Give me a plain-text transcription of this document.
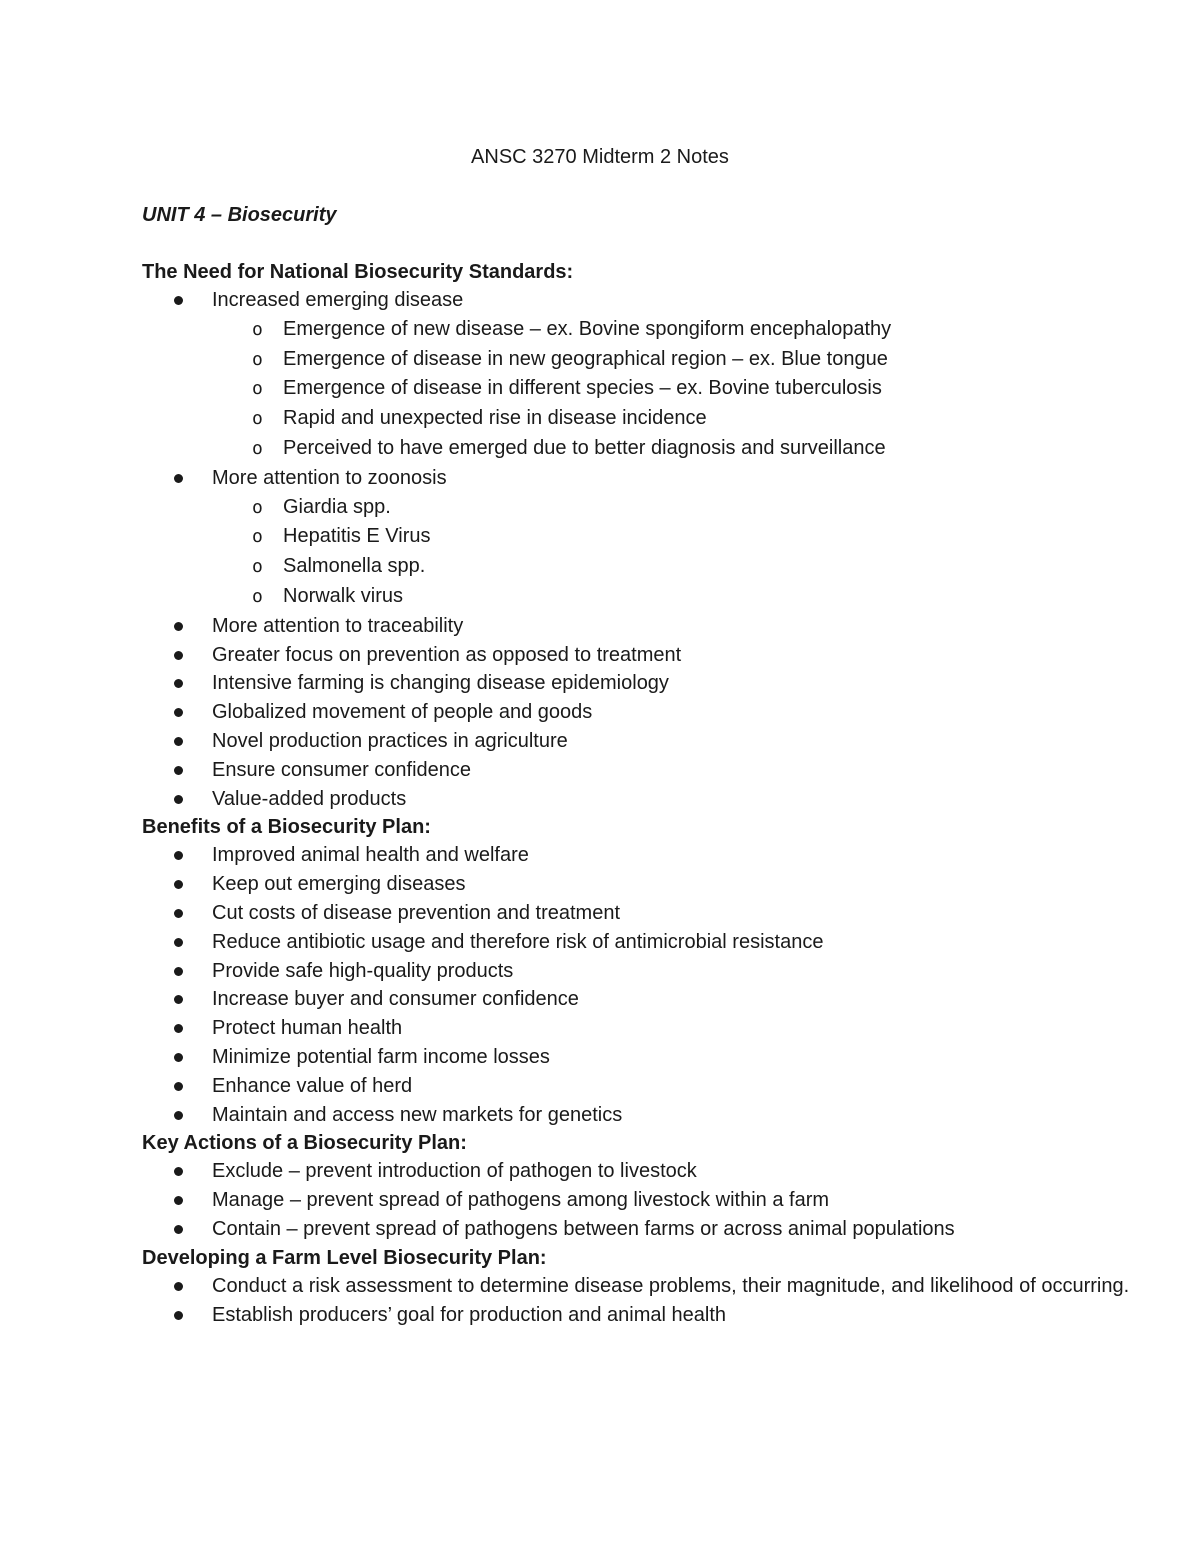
ANSC 3270 Midterm 2 Notes
UNIT 4 – Biosecurity
The Need for National Biosecurity Standards:
Increased emerging disease
o Emergence of new disease – ex. Bovine spongiform encephalopathy
o Emergence of disease in new geographical region – ex. Blue tongue
o Emergence of disease in different species – ex. Bovine tuberculosis
o Rapid and unexpected rise in disease incidence
o Perceived to have emerged due to better diagnosis and surveillance
More attention to zoonosis
o Giardia spp.
o Hepatitis E Virus
o Salmonella spp.
o Norwalk virus
More attention to traceability
Greater focus on prevention as opposed to treatment
Intensive farming is changing disease epidemiology
Globalized movement of people and goods
Novel production practices in agriculture
Ensure consumer confidence
Value-added products
Benefits of a Biosecurity Plan:
Improved animal health and welfare
Keep out emerging diseases
Cut costs of disease prevention and treatment
Reduce antibiotic usage and therefore risk of antimicrobial resistance
Provide safe high-quality products
Increase buyer and consumer confidence
Protect human health
Minimize potential farm income losses
Enhance value of herd
Maintain and access new markets for genetics
Key Actions of a Biosecurity Plan:
Exclude – prevent introduction of pathogen to livestock
Manage – prevent spread of pathogens among livestock within a farm
Contain – prevent spread of pathogens between farms or across animal populations
Developing a Farm Level Biosecurity Plan:
Conduct a risk assessment to determine disease problems, their magnitude, and likelihood of occurring.
Establish producers’ goal for production and animal health
